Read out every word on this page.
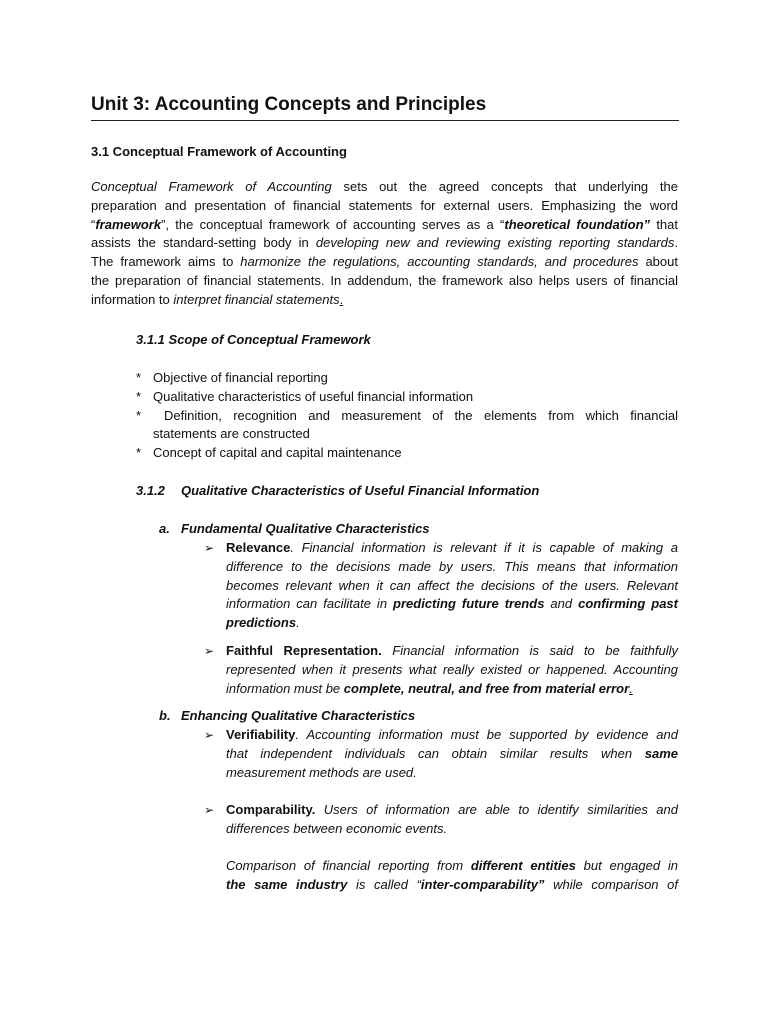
Unit 3: Accounting Concepts and Principles
3.1 Conceptual Framework of Accounting
Conceptual Framework of Accounting sets out the agreed concepts that underlying the
preparation and presentation of financial statements for external users. Emphasizing the word
“framework”, the conceptual framework of accounting serves as a “theoretical foundation” that
assists the standard-setting body in developing new and reviewing existing reporting standards.
The framework aims to harmonize the regulations, accounting standards, and procedures about
the preparation of financial statements. In addendum, the framework also helps users of financial
information to interpret financial statements.
3.1.1 Scope of Conceptual Framework
* Objective of financial reporting
* Qualitative characteristics of useful financial information
*	Definition, recognition and measurement of the elements from which financial
statements are constructed
* Concept of capital and capital maintenance
3.1.2 Qualitative Characteristics of Useful Financial Information
a. Fundamental Qualitative Characteristics
➢ Relevance. Financial information is relevant if it is capable of making a
difference to the decisions made by users. This means that information
becomes relevant when it can affect the decisions of the users. Relevant
information can facilitate in predicting future trends and confirming past
predictions.
➢ Faithful Representation. Financial information is said to be faithfully
represented when it presents what really existed or happened. Accounting
information must be complete, neutral, and free from material error.
b. Enhancing Qualitative Characteristics
➢ Verifiability. Accounting information must be supported by evidence and
that independent individuals can obtain similar results when same
measurement methods are used.
➢ Comparability. Users of information are able to identify similarities and
differences between economic events.
Comparison of financial reporting from different entities but engaged in
the same industry is called “inter-comparability” while comparison of
